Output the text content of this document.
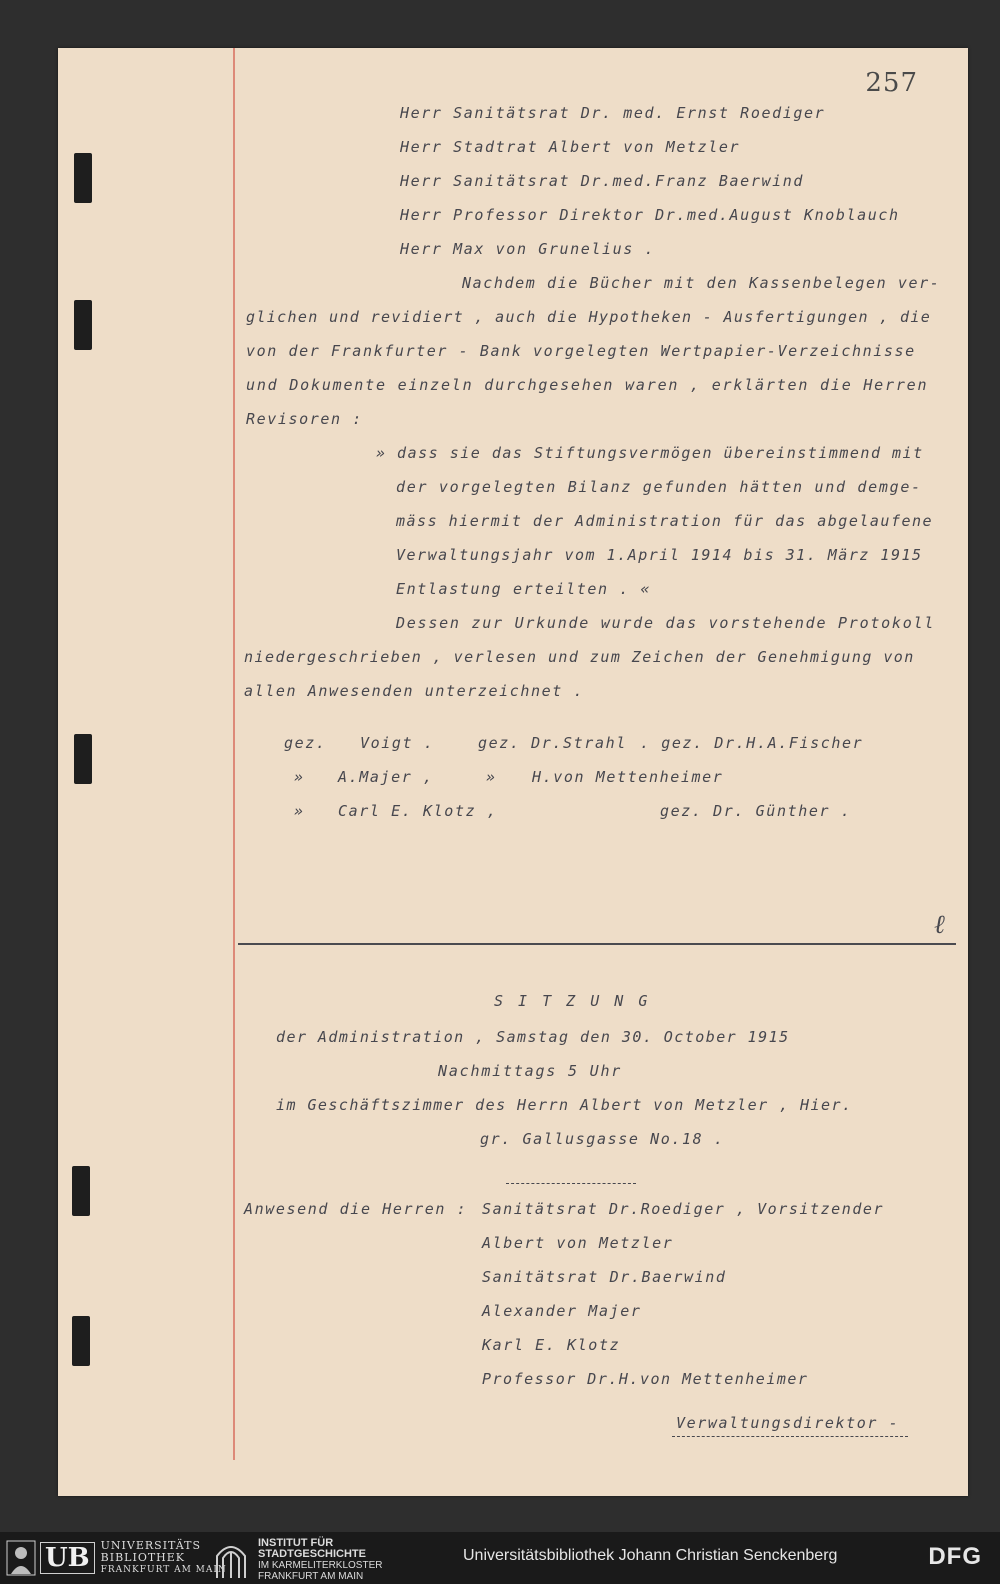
257
Herr Sanitätsrat Dr. med. Ernst Roediger
Herr Stadtrat Albert von Metzler
Herr Sanitätsrat Dr.med.Franz Baerwind
Herr Professor Direktor Dr.med.August Knoblauch
Herr Max von Grunelius .
Nachdem die Bücher mit den Kassenbelegen ver-
glichen und revidiert , auch die Hypotheken - Ausfertigungen , die
von der Frankfurter - Bank vorgelegten Wertpapier-Verzeichnisse
und Dokumente einzeln durchgesehen waren , erklärten die Herren
Revisoren :
» dass sie das Stiftungsvermögen übereinstimmend mit
der vorgelegten Bilanz gefunden hätten und demge-
mäss hiermit der Administration für das abgelaufene
Verwaltungsjahr vom 1.April 1914 bis 31. März 1915
Entlastung erteilten . «
Dessen zur Urkunde wurde das vorstehende Protokoll
niedergeschrieben , verlesen und zum Zeichen der Genehmigung von
allen Anwesenden unterzeichnet .
gez. Voigt .	gez. Dr.Strahl . gez. Dr.H.A.Fischer
» A.Majer ,	» H.von Mettenheimer
» Carl E. Klotz ,	gez. Dr. Günther .
ℓ
S I T Z U N G
der Administration , Samstag den 30. October 1915
Nachmittags 5 Uhr
im Geschäftszimmer des Herrn Albert von Metzler , Hier.
gr. Gallusgasse No.18 .
Anwesend die Herren : Sanitätsrat Dr.Roediger , Vorsitzender
Albert von Metzler
Sanitätsrat Dr.Baerwind
Alexander Majer
Karl E. Klotz
Professor Dr.H.von Mettenheimer
Verwaltungsdirektor -
UB	UNIVERSITÄTS
BIBLIOTHEK
FRANKFURT AM MAIN
INSTITUT FÜR
STADTGESCHICHTE
IM KARMELITERKLOSTER
FRANKFURT AM MAIN
Universitätsbibliothek Johann Christian Senckenberg	DFG
